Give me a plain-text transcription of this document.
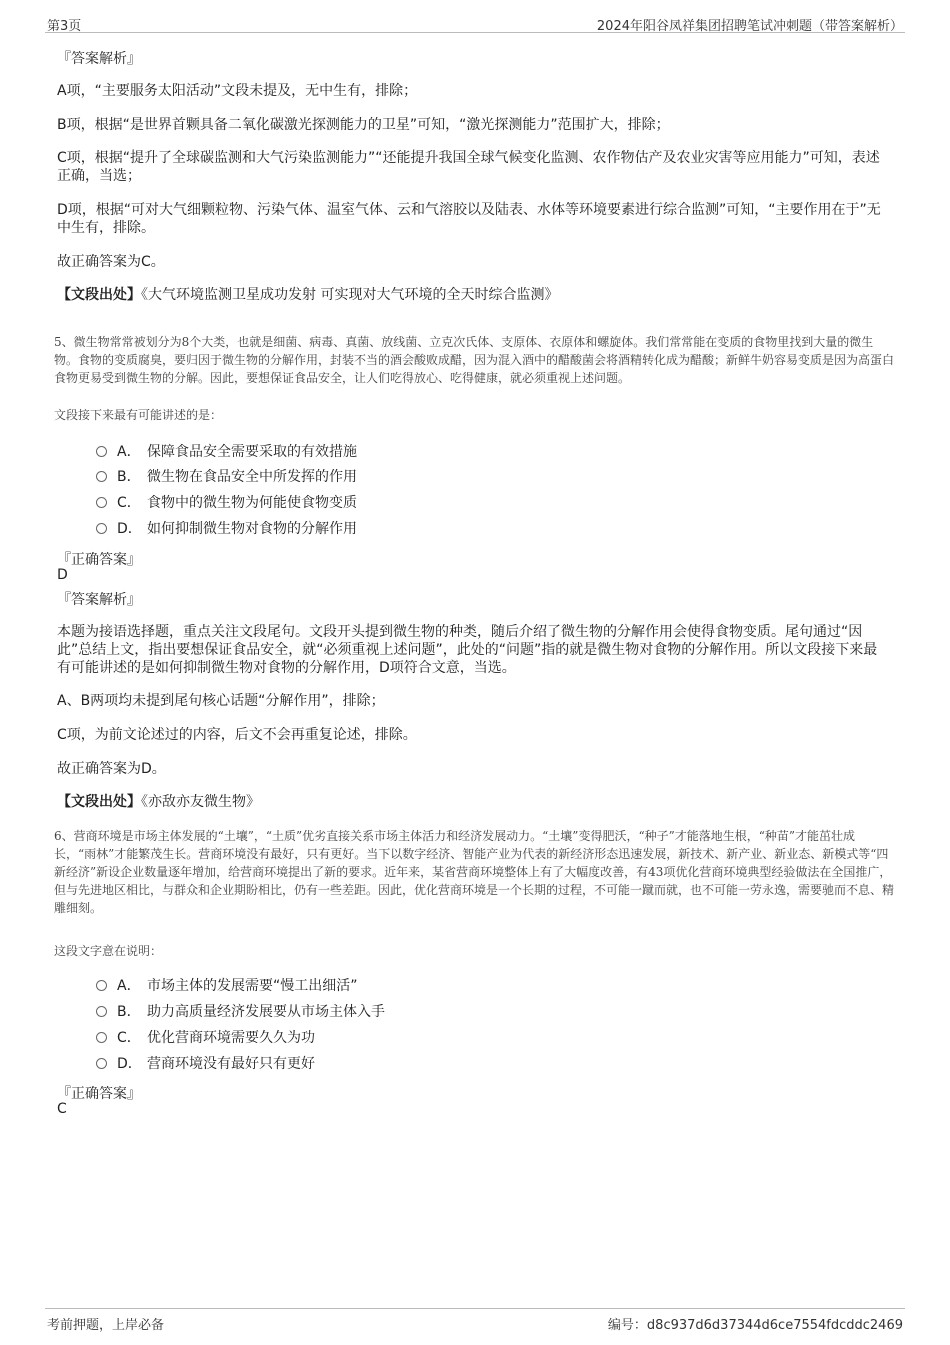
第3页	2024年阳谷凤祥集团招聘笔试冲刺题（带答案解析）
『答案解析』
A项，“主要服务太阳活动”文段未提及，无中生有，排除；
B项，根据“是世界首颗具备二氧化碳激光探测能力的卫星”可知，“激光探测能力”范围扩大，排除；
C项，根据“提升了全球碳监测和大气污染监测能力”“还能提升我国全球气候变化监测、农作物估产及农业灾害等应用能力”可知，表述正确，当选；
D项，根据“可对大气细颗粒物、污染气体、温室气体、云和气溶胶以及陆表、水体等环境要素进行综合监测”可知，“主要作用在于”无中生有，排除。
故正确答案为C。
【文段出处】《大气环境监测卫星成功发射 可实现对大气环境的全天时综合监测》
5、微生物常常被划分为8个大类，也就是细菌、病毒、真菌、放线菌、立克次氏体、支原体、衣原体和螺旋体。我们常常能在变质的食物里找到大量的微生物。食物的变质腐臭，要归因于微生物的分解作用，封装不当的酒会酸败成醋，因为混入酒中的醋酸菌会将酒精转化成为醋酸；新鲜牛奶容易变质是因为高蛋白食物更易受到微生物的分解。因此，要想保证食品安全，让人们吃得放心、吃得健康，就必须重视上述问题。
文段接下来最有可能讲述的是：
A． 保障食品安全需要采取的有效措施
B． 微生物在食品安全中所发挥的作用
C． 食物中的微生物为何能使食物变质
D． 如何抑制微生物对食物的分解作用
『正确答案』
D
『答案解析』
本题为接语选择题，重点关注文段尾句。文段开头提到微生物的种类，随后介绍了微生物的分解作用会使得食物变质。尾句通过“因此”总结上文，指出要想保证食品安全，就“必须重视上述问题”，此处的“问题”指的就是微生物对食物的分解作用。所以文段接下来最有可能讲述的是如何抑制微生物对食物的分解作用，D项符合文意，当选。
A、B两项均未提到尾句核心话题“分解作用”，排除；
C项，为前文论述过的内容，后文不会再重复论述，排除。
故正确答案为D。
【文段出处】《亦敌亦友微生物》
6、营商环境是市场主体发展的“土壤”，“土质”优劣直接关系市场主体活力和经济发展动力。“土壤”变得肥沃，“种子”才能落地生根，“种苗”才能茁壮成长，“雨林”才能繁茂生长。营商环境没有最好，只有更好。当下以数字经济、智能产业为代表的新经济形态迅速发展，新技术、新产业、新业态、新模式等“四新经济”新设企业数量逐年增加，给营商环境提出了新的要求。近年来，某省营商环境整体上有了大幅度改善，有43项优化营商环境典型经验做法在全国推广，但与先进地区相比，与群众和企业期盼相比，仍有一些差距。因此，优化营商环境是一个长期的过程，不可能一蹴而就，也不可能一劳永逸，需要驰而不息、精雕细刻。
这段文字意在说明：
A． 市场主体的发展需要“慢工出细活”
B． 助力高质量经济发展要从市场主体入手
C． 优化营商环境需要久久为功
D． 营商环境没有最好只有更好
『正确答案』
C
考前押题，上岸必备	编号：d8c937d6d37344d6ce7554fdcddc2469
